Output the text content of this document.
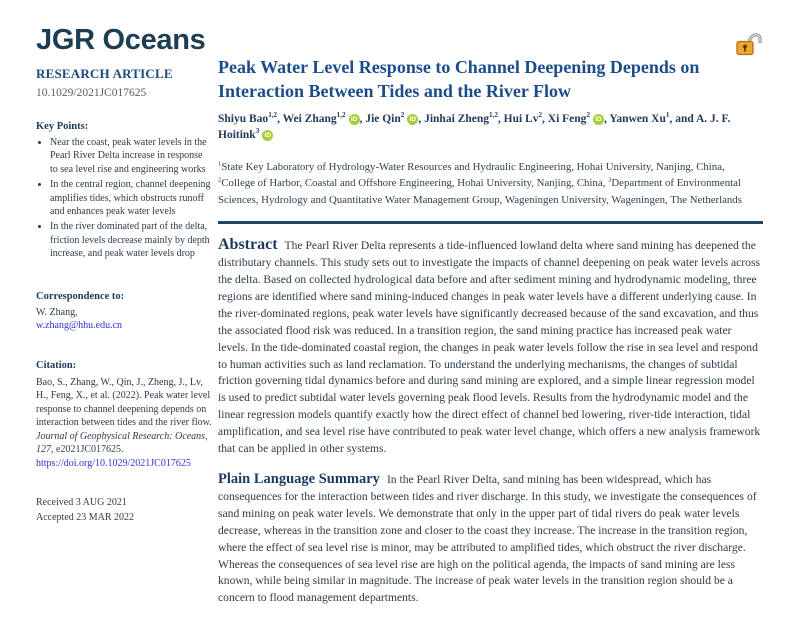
JGR Oceans
RESEARCH ARTICLE
10.1029/2021JC017625
Key Points:
• Near the coast, peak water levels in the Pearl River Delta increase in response to sea level rise and engineering works
• In the central region, channel deepening amplifies tides, which obstructs runoff and enhances peak water levels
• In the river dominated part of the delta, friction levels decrease mainly by depth increase, and peak water levels drop
Correspondence to:
W. Zhang,
w.zhang@hhu.edu.cn
Citation:

Bao, S., Zhang, W., Qin, J., Zheng, J., Lv, H., Feng, X., et al. (2022). Peak water level response to channel deepening depends on interaction between tides and the river flow. Journal of Geophysical Research: Oceans, 127, e2021JC017625. https://doi.org/10.1029/2021JC017625

Received 3 AUG 2021
Accepted 23 MAR 2022
Peak Water Level Response to Channel Deepening Depends on Interaction Between Tides and the River Flow
Shiyu Bao$^{1,2}$, Wei Zhang$^{1,2}$iD , Jie Qin$^2$iD , Jinhai Zheng$^{1,2}$, Hui Lv$^2$, Xi Feng$^2$iD , Yanwen Xu$^1$, and A. J. F. Hoitink$^3$iD
$^1$State Key Laboratory of Hydrology-Water Resources and Hydraulic Engineering, Hohai University, Nanjing, China, $^2$College of Harbor, Coastal and Offshore Engineering, Hohai University, Nanjing, China, $^3$Department of Environmental Sciences, Hydrology and Quantitative Water Management Group, Wageningen University, Wageningen, The Netherlands

Abstract The Pearl River Delta represents a tide-influenced lowland delta where sand mining has deepened the distributary channels. This study sets out to investigate the impacts of channel deepening on peak water levels across the delta. Based on collected hydrological data before and after sediment mining and hydrodynamic modeling, three regions are identified where sand mining-induced changes in peak water levels have a different underlying cause. In the river-dominated regions, peak water levels have significantly decreased because of the sand excavation, and thus the associated flood risk was reduced. In a transition region, the sand mining practice has increased peak water levels. In the tide-dominated coastal region, the changes in peak water levels follow the rise in sea level and respond to human activities such as land reclamation. To understand the underlying mechanisms, the changes of subtidal friction governing tidal dynamics before and during sand mining are explored, and a simple linear regression model is used to predict subtidal water levels governing peak flood levels. Results from the hydrodynamic model and the linear regression models quantify exactly how the direct effect of channel bed lowering, river-tide interaction, tidal amplification, and sea level rise have contributed to peak water level change, which offers a new analysis framework that can be applied in other systems.

Plain Language Summary In the Pearl River Delta, sand mining has been widespread, which has consequences for the interaction between tides and river discharge. In this study, we investigate the consequences of sand mining on peak water levels. We demonstrate that only in the upper part of tidal rivers do peak water levels decrease, whereas in the transition zone and closer to the coast they increase. The increase in the transition region, where the effect of sea level rise is minor, may be attributed to amplified tides, which obstruct the river discharge. Whereas the consequences of sea level rise are high on the political agenda, the impacts of sand mining are less known, while being similar in magnitude. The increase of peak water levels in the transition region should be a concern to flood management departments.
